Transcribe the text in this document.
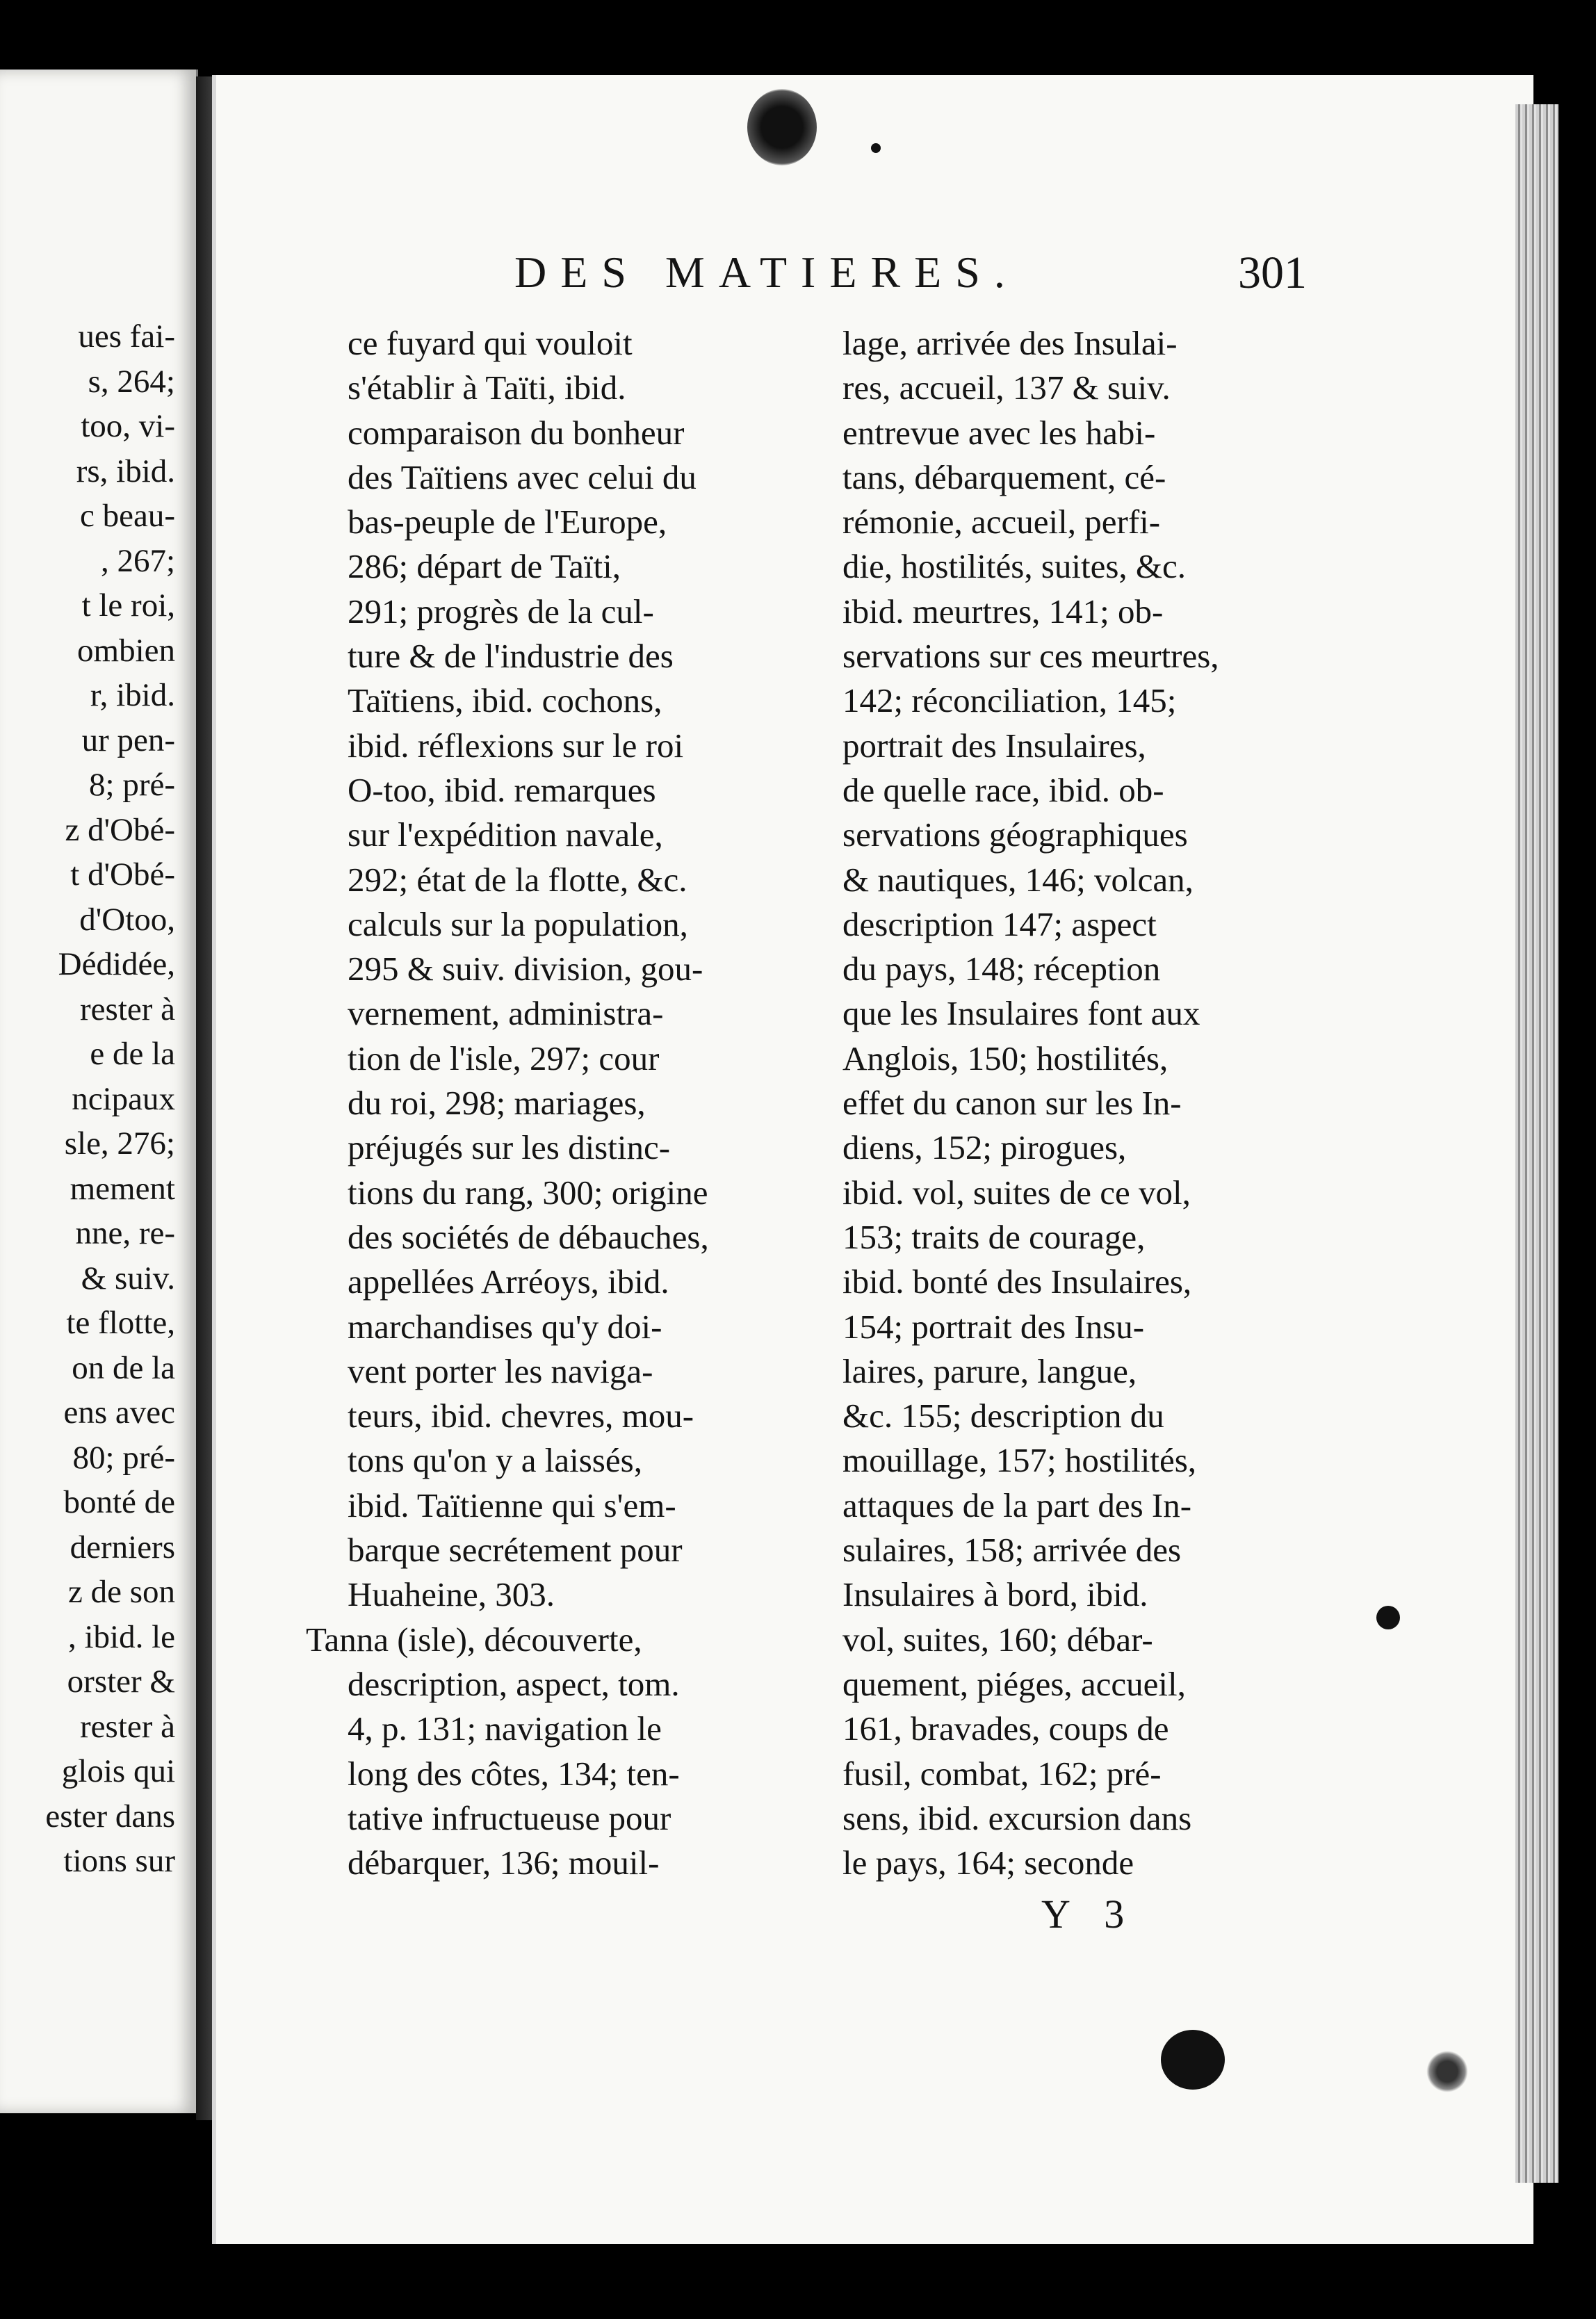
ues fai-
s, 264;
too, vi-
rs, ibid.
c beau-
, 267;
t le roi,
ombien
r, ibid.
ur pen-
8; pré-
z d'Obé-
t d'Obé-
d'Otoo,
Dédidée,
rester à
e de la
ncipaux
sle, 276;
mement
nne, re-
& suiv.
te flotte,
on de la
ens avec
80; pré-
bonté de
derniers
z de son
, ibid. le
orster &
rester à
glois qui
ester dans
tions sur
DES MATIERES.	301
ce fuyard qui vouloit
s'établir à Taïti, ibid.
comparaison du bonheur
des Taïtiens avec celui du
bas-peuple de l'Europe,
286; départ de Taïti,
291; progrès de la cul-
ture & de l'industrie des
Taïtiens, ibid. cochons,
ibid. réflexions sur le roi
O-too, ibid. remarques
sur l'expédition navale,
292; état de la flotte, &c.
calculs sur la population,
295 & suiv. division, gou-
vernement, administra-
tion de l'isle, 297; cour
du roi, 298; mariages,
préjugés sur les distinc-
tions du rang, 300; origine
des sociétés de débauches,
appellées Arréoys, ibid.
marchandises qu'y doi-
vent porter les naviga-
teurs, ibid. chevres, mou-
tons qu'on y a laissés,
ibid. Taïtienne qui s'em-
barque secrétement pour
Huaheine, 303.
Tanna (isle), découverte,
description, aspect, tom.
4, p. 131; navigation le
long des côtes, 134; ten-
tative infructueuse pour
débarquer, 136; mouil-
lage, arrivée des Insulai-
res, accueil, 137 & suiv.
entrevue avec les habi-
tans, débarquement, cé-
rémonie, accueil, perfi-
die, hostilités, suites, &c.
ibid. meurtres, 141; ob-
servations sur ces meurtres,
142; réconciliation, 145;
portrait des Insulaires,
de quelle race, ibid. ob-
servations géographiques
& nautiques, 146; volcan,
description 147; aspect
du pays, 148; réception
que les Insulaires font aux
Anglois, 150; hostilités,
effet du canon sur les In-
diens, 152; pirogues,
ibid. vol, suites de ce vol,
153; traits de courage,
ibid. bonté des Insulaires,
154; portrait des Insu-
laires, parure, langue,
&c. 155; description du
mouillage, 157; hostilités,
attaques de la part des In-
sulaires, 158; arrivée des
Insulaires à bord, ibid.
vol, suites, 160; débar-
quement, piéges, accueil,
161, bravades, coups de
fusil, combat, 162; pré-
sens, ibid. excursion dans
le pays, 164; seconde
Y 3
